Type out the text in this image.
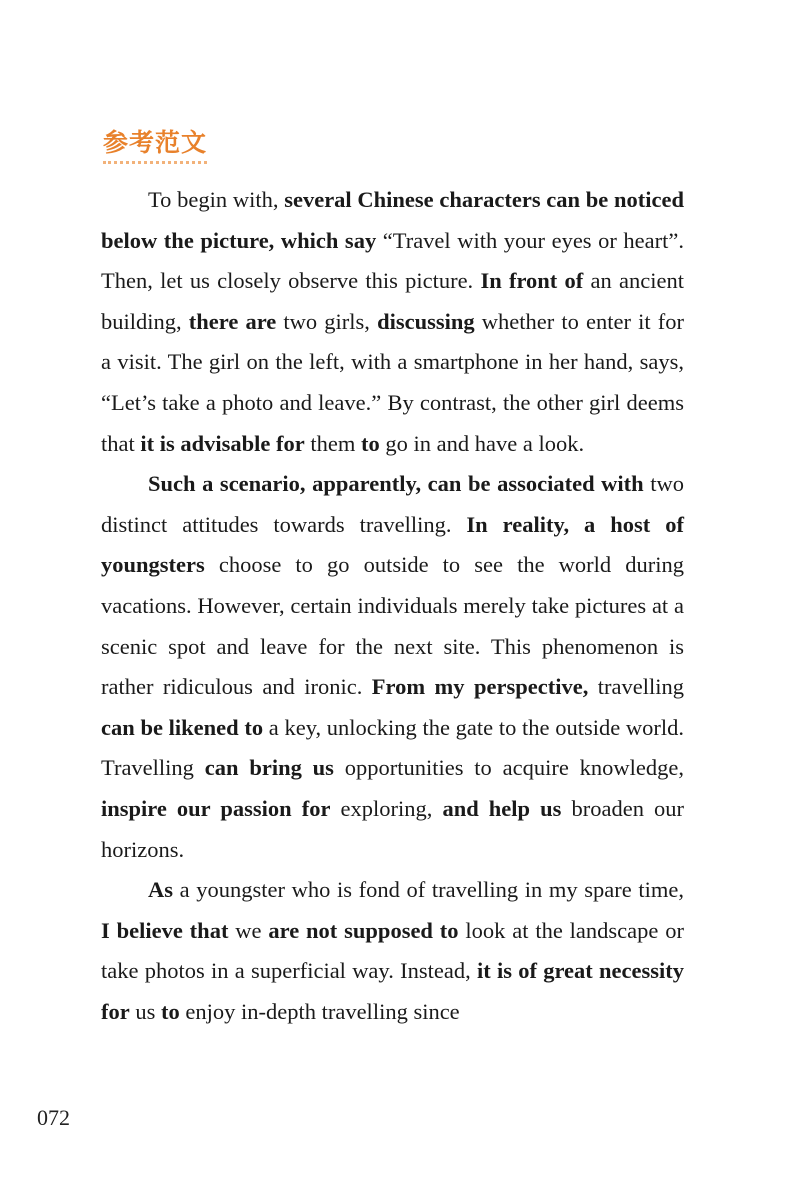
参考范文

To begin with, several Chinese characters can be noticed below the picture, which say “Travel with your eyes or heart”. Then, let us closely observe this picture. In front of an ancient building, there are two girls, discussing whether to enter it for a visit. The girl on the left, with a smartphone in her hand, says, “Let’s take a photo and leave.” By contrast, the other girl deems that it is advisable for them to go in and have a look.

Such a scenario, apparently, can be associated with two distinct attitudes towards travelling. In reality, a host of youngsters choose to go outside to see the world during vacations. However, certain individuals merely take pictures at a scenic spot and leave for the next site. This phenomenon is rather ridiculous and ironic. From my perspective, travelling can be likened to a key, unlocking the gate to the outside world. Travelling can bring us opportunities to acquire knowledge, inspire our passion for exploring, and help us broaden our horizons.

As a youngster who is fond of travelling in my spare time, I believe that we are not supposed to look at the landscape or take photos in a superficial way. Instead, it is of great necessity for us to enjoy in-depth travelling since

072
